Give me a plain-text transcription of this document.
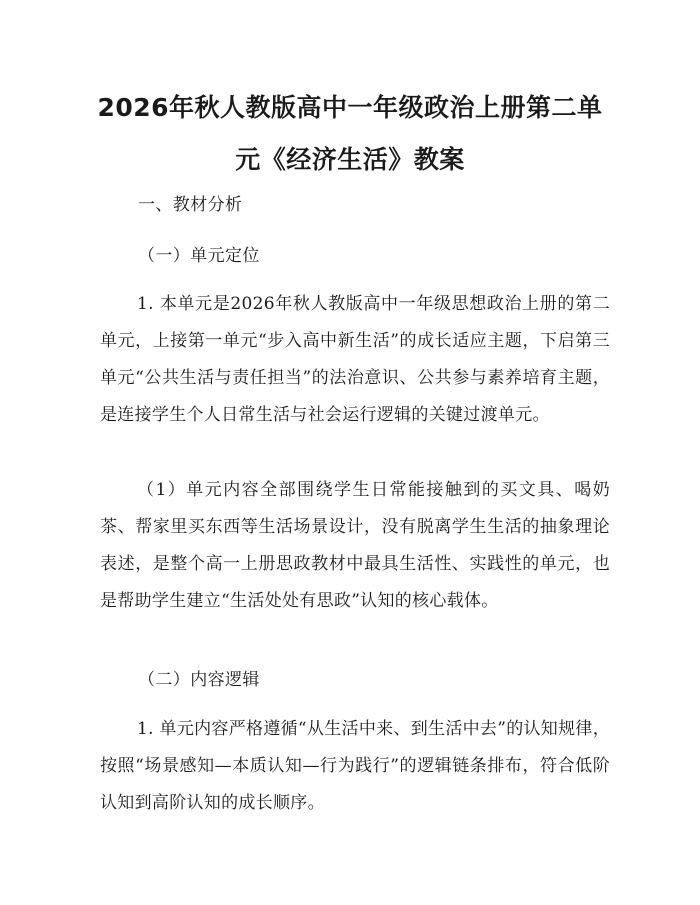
2026年秋人教版高中一年级政治上册第二单
元《经济生活》教案

一、教材分析

（一）单元定位

1. 本单元是2026年秋人教版高中一年级思想政治上册的第二单元，上接第一单元“步入高中新生活”的成长适应主题，下启第三单元“公共生活与责任担当”的法治意识、公共参与素养培育主题，是连接学生个人日常生活与社会运行逻辑的关键过渡单元。

（1）单元内容全部围绕学生日常能接触到的买文具、喝奶茶、帮家里买东西等生活场景设计，没有脱离学生生活的抽象理论表述，是整个高一上册思政教材中最具生活性、实践性的单元，也是帮助学生建立“生活处处有思政”认知的核心载体。

（二）内容逻辑

1. 单元内容严格遵循“从生活中来、到生活中去”的认知规律，按照“场景感知—本质认知—行为践行”的逻辑链条排布，符合低阶认知到高阶认知的成长顺序。
